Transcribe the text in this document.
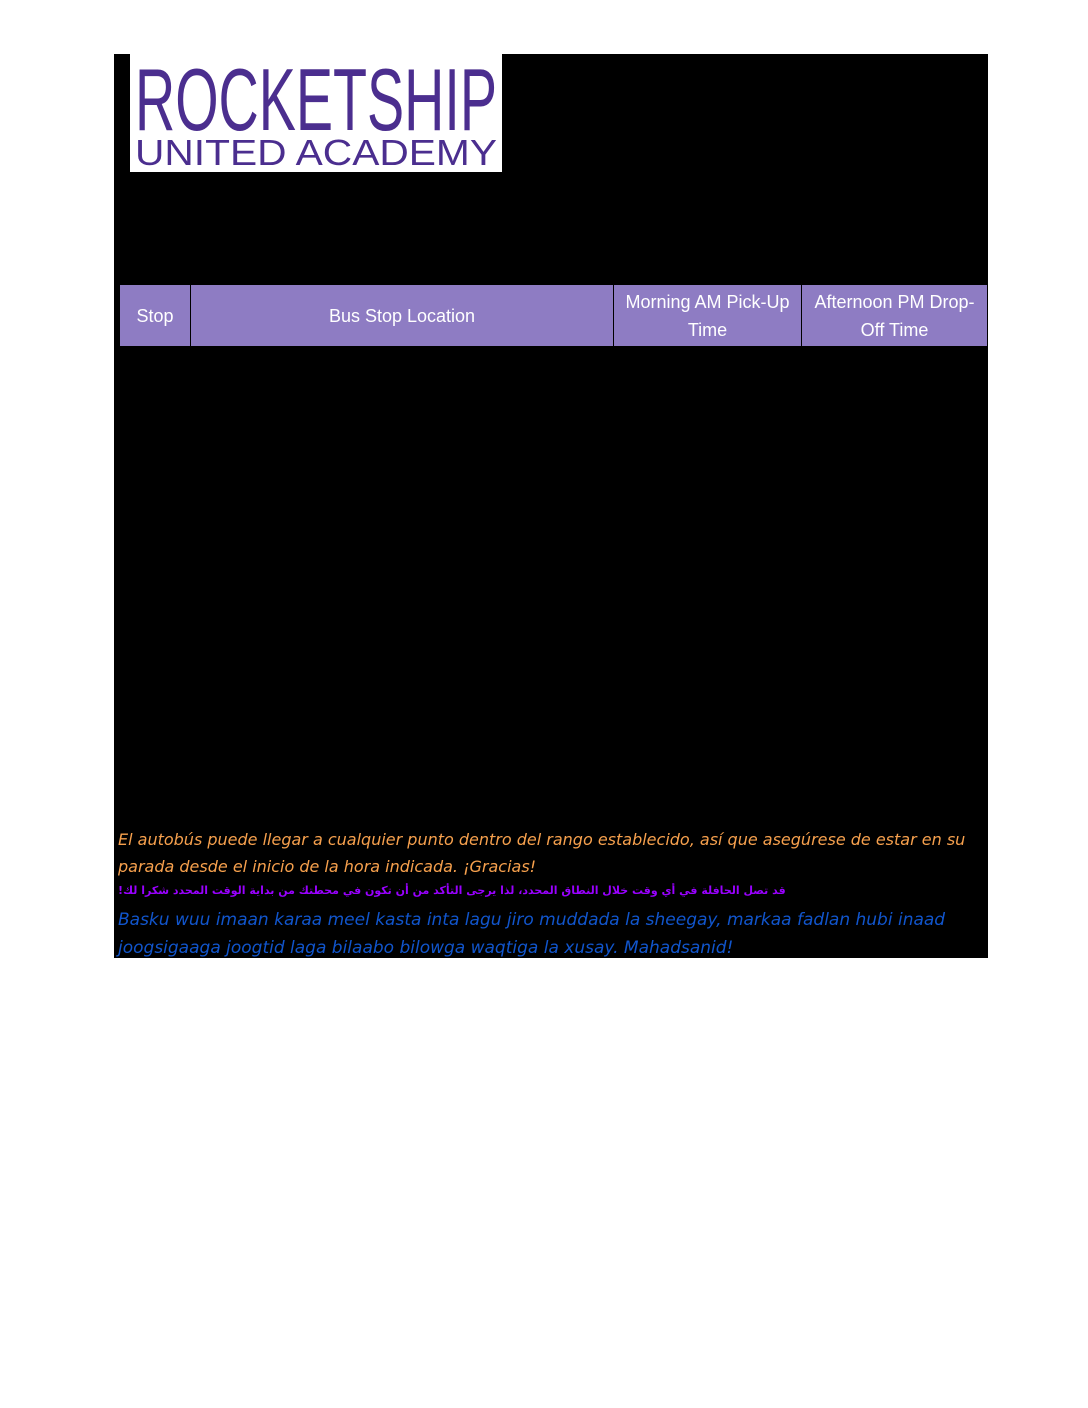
ROCKETSHIP
UNITED ACADEMY
Stop	Bus Stop Location	Morning AM Pick-Up Time	Afternoon PM Drop-Off Time

El autobús puede llegar a cualquier punto dentro del rango establecido, así que asegúrese de estar en su parada desde el inicio de la hora indicada. ¡Gracias!

قد تصل الحافلة في أي وقت خلال النطاق المحدد، لذا يرجى التأكد من أن تكون في محطتك من بداية الوقت المحدد شكرا لك!

Basku wuu imaan karaa meel kasta inta lagu jiro muddada la sheegay, markaa fadlan hubi inaad joogsigaaga joogtid laga bilaabo bilowga waqtiga la xusay. Mahadsanid!
